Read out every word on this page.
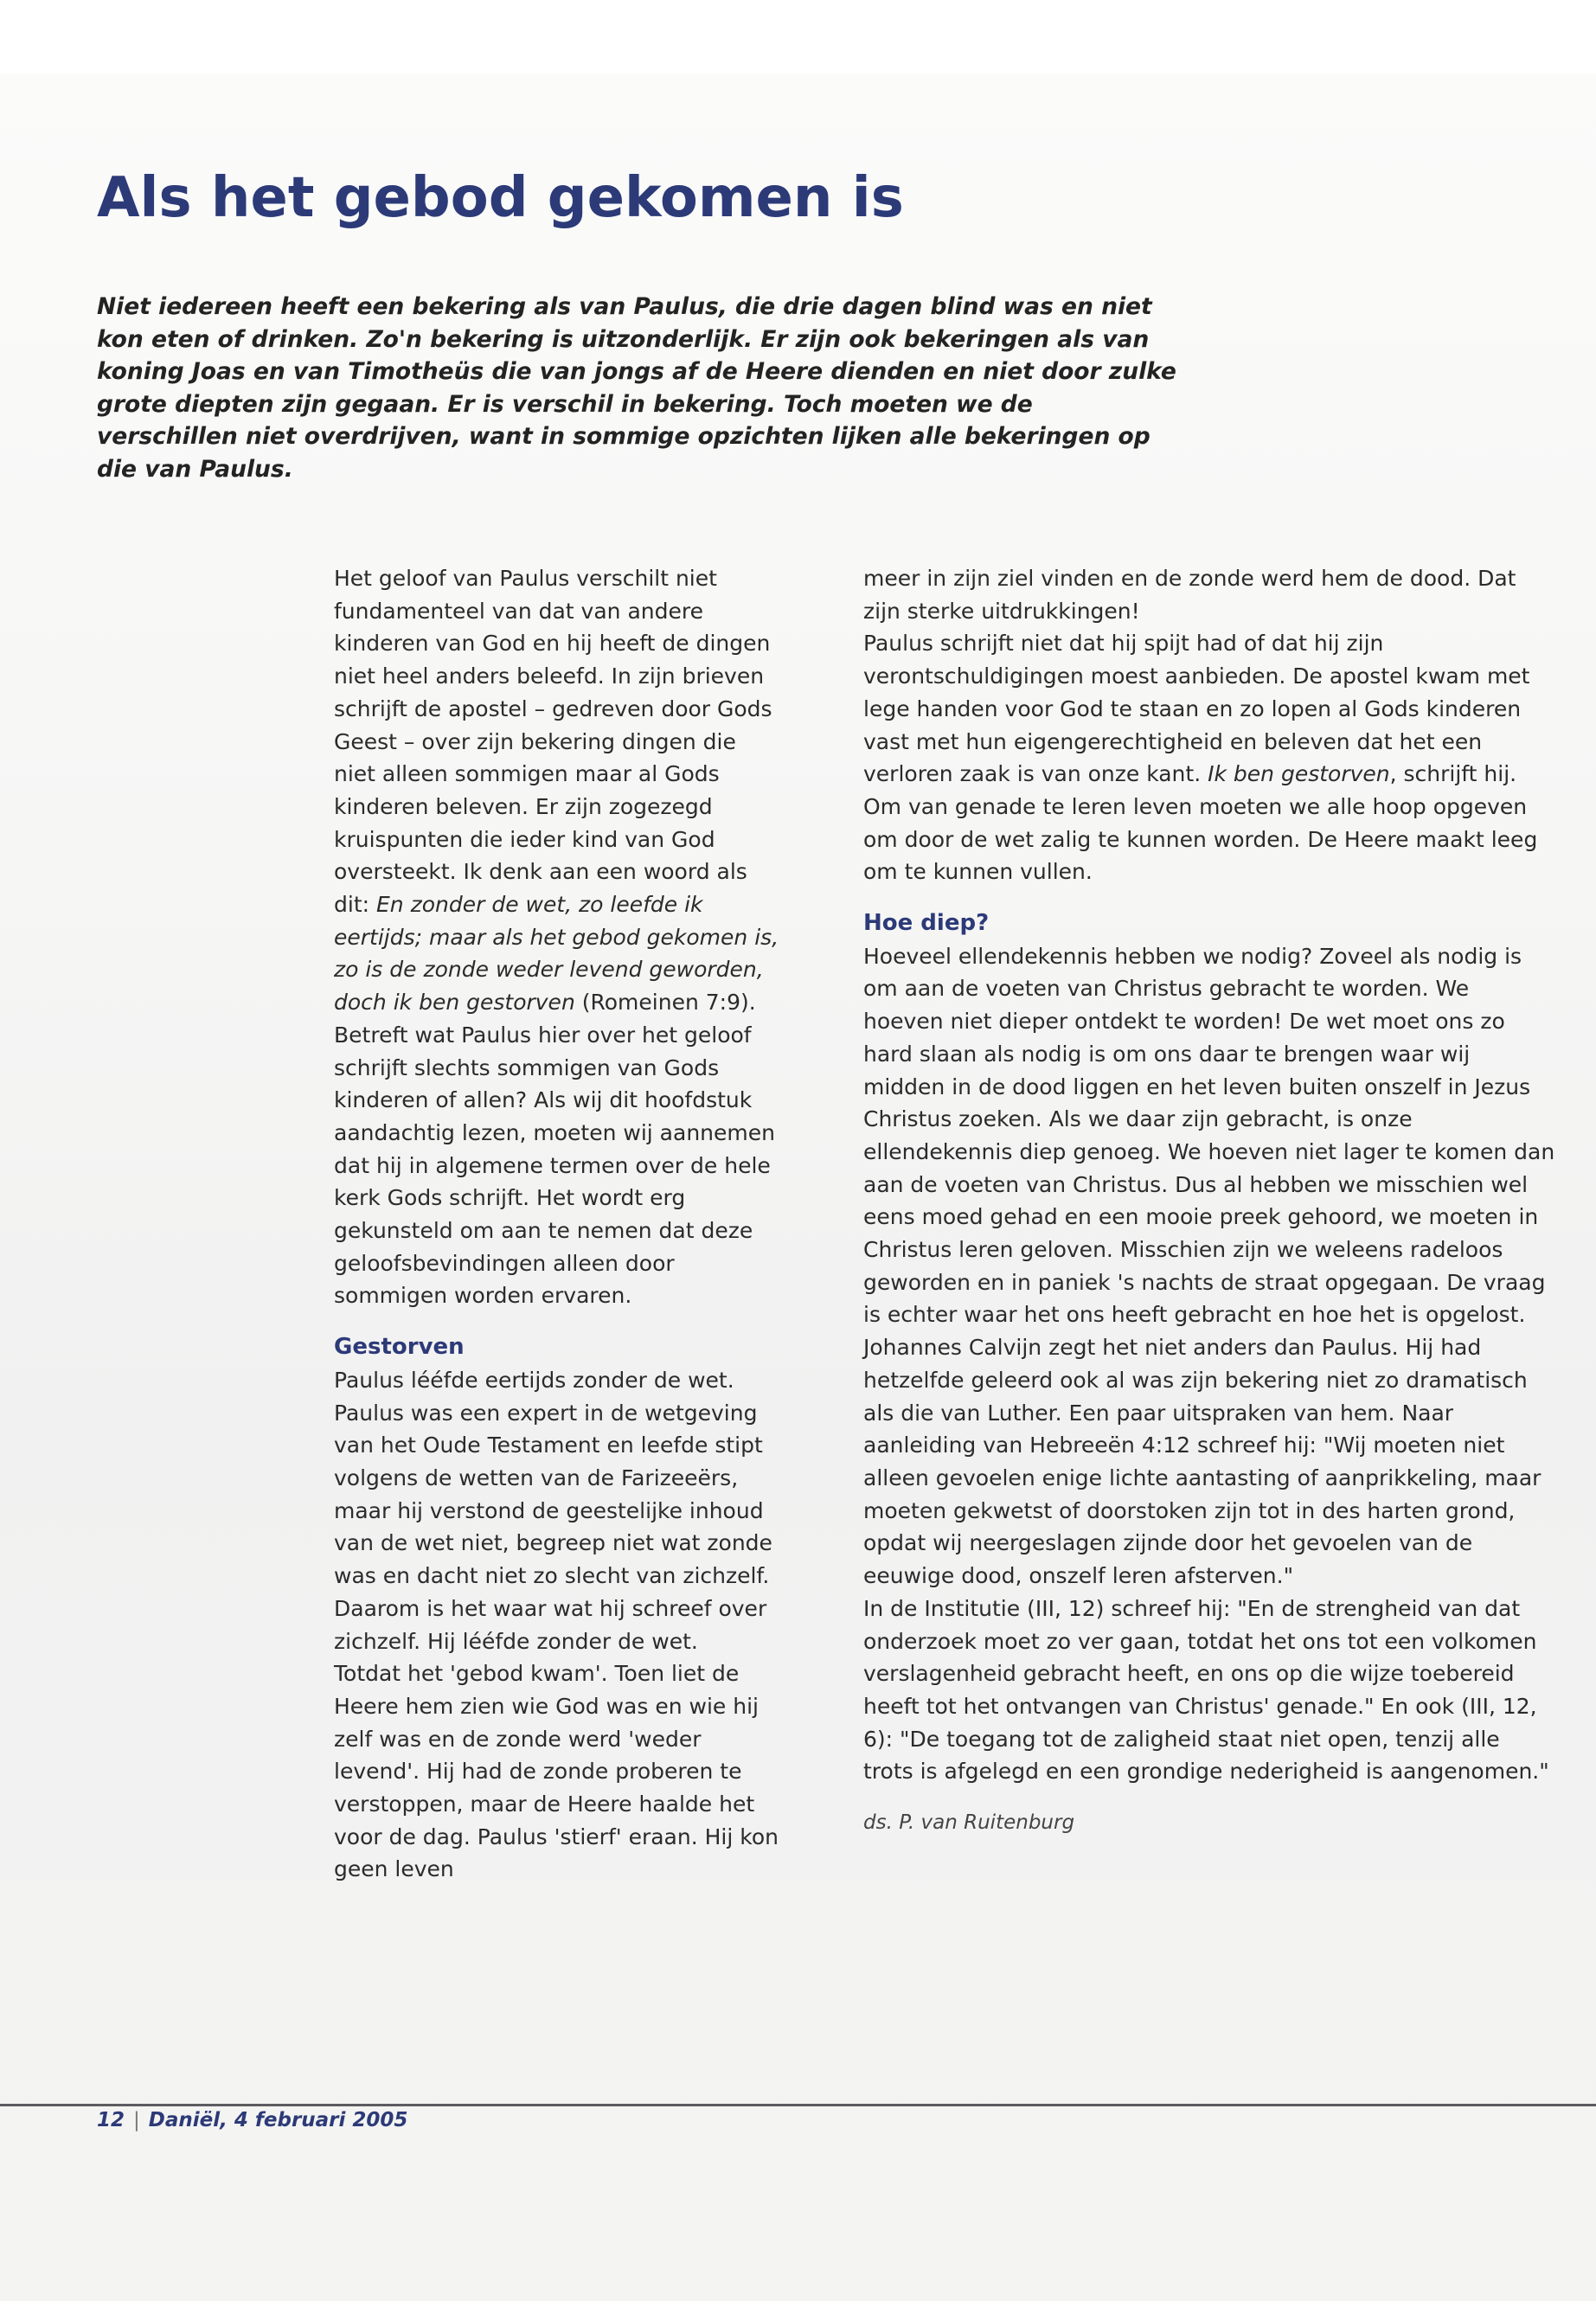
Als het gebod gekomen is
Niet iedereen heeft een bekering als van Paulus, die drie dagen blind was en niet kon eten of drinken. Zo'n bekering is uitzonderlijk. Er zijn ook bekeringen als van koning Joas en van Timotheüs die van jongs af de Heere dienden en niet door zulke grote diepten zijn gegaan. Er is verschil in bekering. Toch moeten we de verschillen niet overdrijven, want in sommige opzichten lijken alle bekeringen op die van Paulus.

Het geloof van Paulus verschilt niet fundamenteel van dat van andere kinderen van God en hij heeft de dingen niet heel anders beleefd. In zijn brieven schrijft de apostel – gedreven door Gods Geest – over zijn bekering dingen die niet alleen sommigen maar al Gods kinderen beleven. Er zijn zogezegd kruispunten die ieder kind van God oversteekt. Ik denk aan een woord als dit: En zonder de wet, zo leefde ik eertijds; maar als het gebod gekomen is, zo is de zonde weder levend geworden, doch ik ben gestorven (Romeinen 7:9).

Betreft wat Paulus hier over het geloof schrijft slechts sommigen van Gods kinderen of allen? Als wij dit hoofdstuk aandachtig lezen, moeten wij aannemen dat hij in algemene termen over de hele kerk Gods schrijft. Het wordt erg gekunsteld om aan te nemen dat deze geloofsbevindingen alleen door sommigen worden ervaren.

Gestorven

Paulus lééfde eertijds zonder de wet. Paulus was een expert in de wetgeving van het Oude Testament en leefde stipt volgens de wetten van de Farizeeërs, maar hij verstond de geestelijke inhoud van de wet niet, begreep niet wat zonde was en dacht niet zo slecht van zichzelf. Daarom is het waar wat hij schreef over zichzelf. Hij lééfde zonder de wet.

Totdat het 'gebod kwam'. Toen liet de Heere hem zien wie God was en wie hij zelf was en de zonde werd 'weder levend'. Hij had de zonde proberen te verstoppen, maar de Heere haalde het voor de dag. Paulus 'stierf' eraan. Hij kon geen leven

meer in zijn ziel vinden en de zonde werd hem de dood. Dat zijn sterke uitdrukkingen!

Paulus schrijft niet dat hij spijt had of dat hij zijn verontschuldigingen moest aanbieden. De apostel kwam met lege handen voor God te staan en zo lopen al Gods kinderen vast met hun eigengerechtigheid en beleven dat het een verloren zaak is van onze kant. Ik ben gestorven, schrijft hij. Om van genade te leren leven moeten we alle hoop opgeven om door de wet zalig te kunnen worden. De Heere maakt leeg om te kunnen vullen.

Hoe diep?

Hoeveel ellendekennis hebben we nodig? Zoveel als nodig is om aan de voeten van Christus gebracht te worden. We hoeven niet dieper ontdekt te worden! De wet moet ons zo hard slaan als nodig is om ons daar te brengen waar wij midden in de dood liggen en het leven buiten onszelf in Jezus Christus zoeken. Als we daar zijn gebracht, is onze ellendekennis diep genoeg. We hoeven niet lager te komen dan aan de voeten van Christus. Dus al hebben we misschien wel eens moed gehad en een mooie preek gehoord, we moeten in Christus leren geloven. Misschien zijn we weleens radeloos geworden en in paniek 's nachts de straat opgegaan. De vraag is echter waar het ons heeft gebracht en hoe het is opgelost.

Johannes Calvijn zegt het niet anders dan Paulus. Hij had hetzelfde geleerd ook al was zijn bekering niet zo dramatisch als die van Luther. Een paar uitspraken van hem. Naar aanleiding van Hebreeën 4:12 schreef hij: "Wij moeten niet alleen gevoelen enige lichte aantasting of aanprikkeling, maar moeten gekwetst of doorstoken zijn tot in des harten grond, opdat wij neergeslagen zijnde door het gevoelen van de eeuwige dood, onszelf leren afsterven."

In de Institutie (III, 12) schreef hij: "En de strengheid van dat onderzoek moet zo ver gaan, totdat het ons tot een volkomen verslagenheid gebracht heeft, en ons op die wijze toebereid heeft tot het ontvangen van Christus' genade." En ook (III, 12, 6): "De toegang tot de zaligheid staat niet open, tenzij alle trots is afgelegd en een grondige nederigheid is aangenomen."

ds. P. van Ruitenburg

12 | Daniël, 4 februari 2005
